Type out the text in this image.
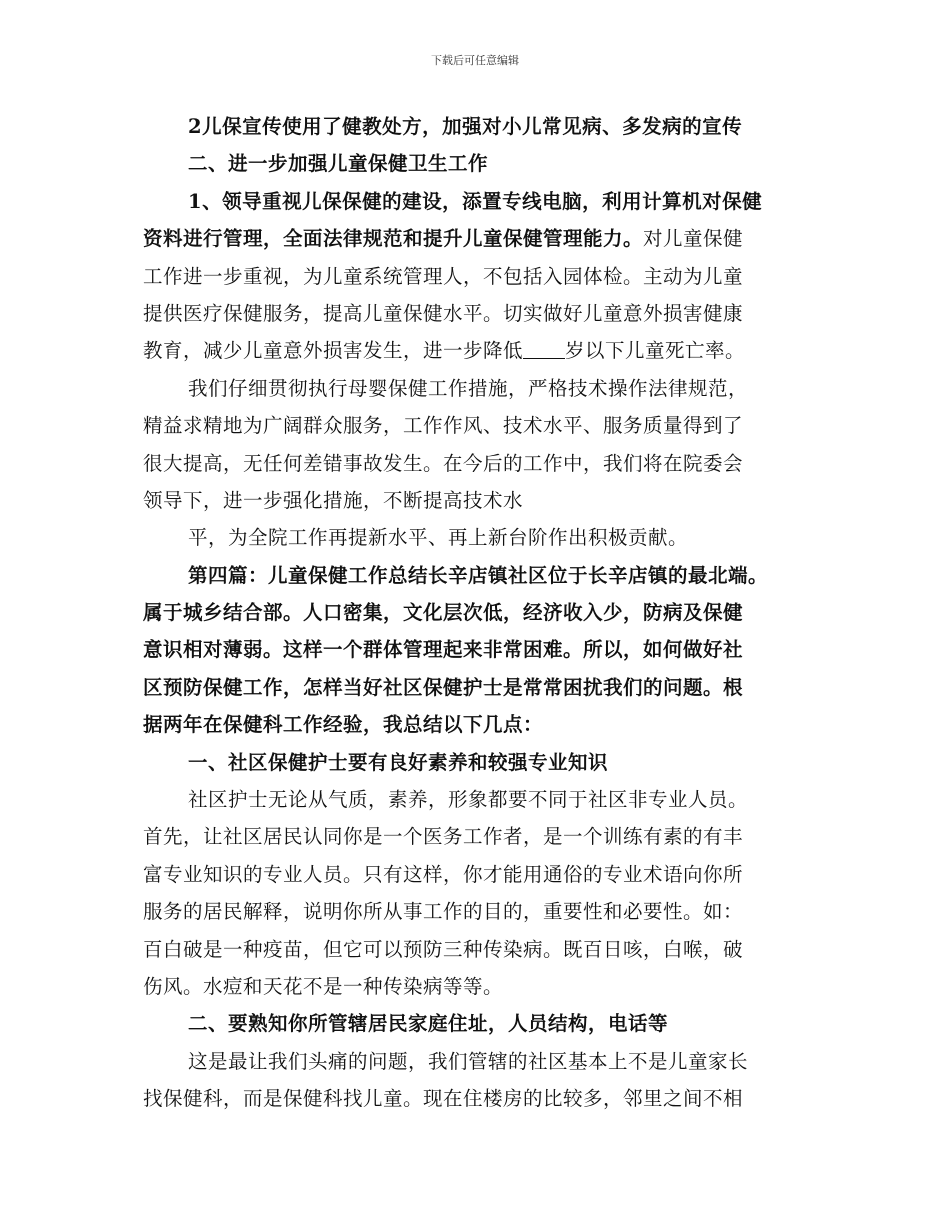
下载后可任意编辑
2儿保宣传使用了健教处方，加强对小儿常见病、多发病的宣传
二、进一步加强儿童保健卫生工作
1、领导重视儿保保健的建设，添置专线电脑，利用计算机对保健
资料进行管理，全面法律规范和提升儿童保健管理能力。对儿童保健
工作进一步重视，为儿童系统管理人，不包括入园体检。主动为儿童
提供医疗保健服务，提高儿童保健水平。切实做好儿童意外损害健康
教育，减少儿童意外损害发生，进一步降低 岁以下儿童死亡率。
我们仔细贯彻执行母婴保健工作措施，严格技术操作法律规范，
精益求精地为广阔群众服务，工作作风、技术水平、服务质量得到了
很大提高，无任何差错事故发生。在今后的工作中，我们将在院委会
领导下，进一步强化措施，不断提高技术水
平，为全院工作再提新水平、再上新台阶作出积极贡献。
第四篇：儿童保健工作总结长辛店镇社区位于长辛店镇的最北端。
属于城乡结合部。人口密集，文化层次低，经济收入少，防病及保健
意识相对薄弱。这样一个群体管理起来非常困难。所以，如何做好社
区预防保健工作，怎样当好社区保健护士是常常困扰我们的问题。根
据两年在保健科工作经验，我总结以下几点：
一、社区保健护士要有良好素养和较强专业知识
社区护士无论从气质，素养，形象都要不同于社区非专业人员。
首先，让社区居民认同你是一个医务工作者，是一个训练有素的有丰
富专业知识的专业人员。只有这样，你才能用通俗的专业术语向你所
服务的居民解释，说明你所从事工作的目的，重要性和必要性。如：
百白破是一种疫苗，但它可以预防三种传染病。既百日咳，白喉，破
伤风。水痘和天花不是一种传染病等等。
二、要熟知你所管辖居民家庭住址，人员结构，电话等
这是最让我们头痛的问题，我们管辖的社区基本上不是儿童家长
找保健科，而是保健科找儿童。现在住楼房的比较多，邻里之间不相
